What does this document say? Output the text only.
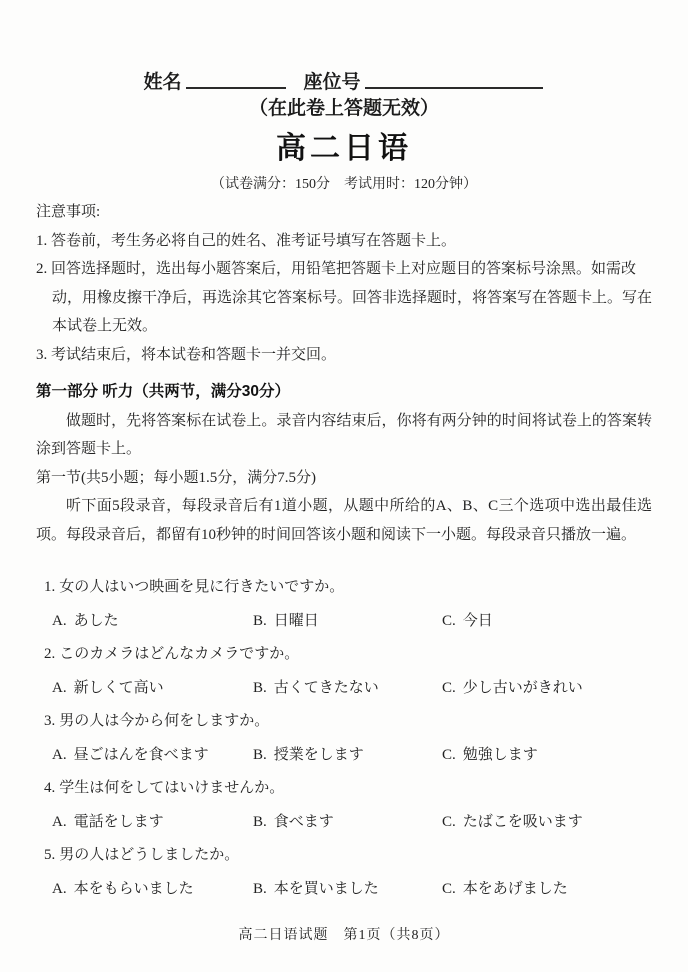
姓名	座位号
（在此卷上答题无效）
高二日语
（试卷满分：150分　考试用时：120分钟）
注意事项:
1. 答卷前，考生务必将自己的姓名、准考证号填写在答题卡上。
2. 回答选择题时，选出每小题答案后，用铅笔把答题卡上对应题目的答案标号涂黑。如需改动，用橡皮擦干净后，再选涂其它答案标号。回答非选择题时，将答案写在答题卡上。写在本试卷上无效。
3. 考试结束后，将本试卷和答题卡一并交回。
第一部分 听力（共两节，满分30分）

做题时，先将答案标在试卷上。录音内容结束后，你将有两分钟的时间将试卷上的答案转涂到答题卡上。

第一节(共5小题；每小题1.5分，满分7.5分)

听下面5段录音，每段录音后有1道小题，从题中所给的A、B、C三个选项中选出最佳选项。每段录音后，都留有10秒钟的时间回答该小题和阅读下一小题。每段录音只播放一遍。

1. 女の人はいつ映画を見に行きたいですか。
A. あした	B. 日曜日	C. 今日
2. このカメラはどんなカメラですか。
A. 新しくて高い	B. 古くてきたない	C. 少し古いがきれい
3. 男の人は今から何をしますか。
A. 昼ごはんを食べます	B. 授業をします	C. 勉強します
4. 学生は何をしてはいけませんか。
A. 電話をします	B. 食べます	C. たばこを吸います
5. 男の人はどうしましたか。
A. 本をもらいました	B. 本を買いました	C. 本をあげました
高二日语试题　第1页（共8页）
